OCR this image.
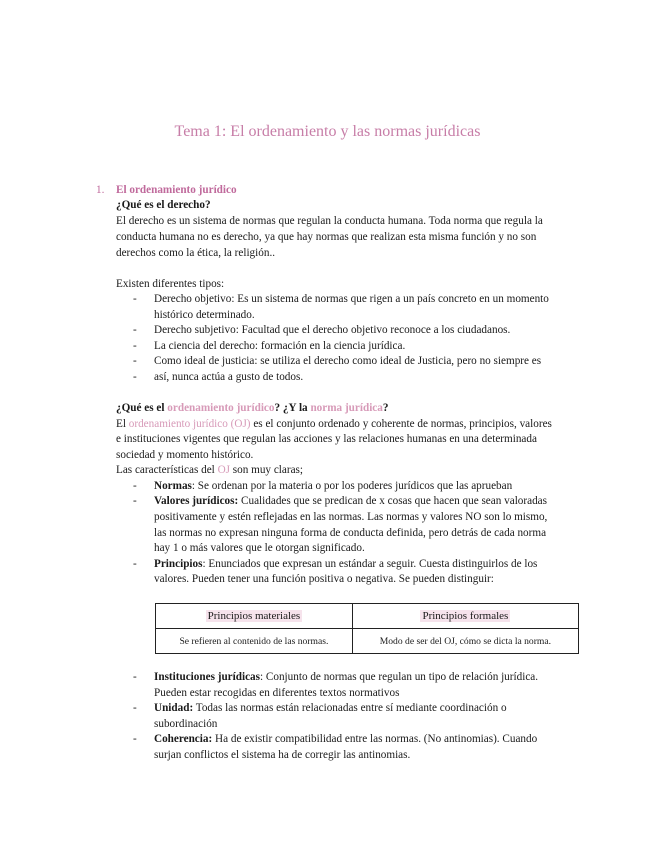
Tema 1: El ordenamiento y las normas jurídicas
1. El ordenamiento jurídico
¿Qué es el derecho?
El derecho es un sistema de normas que regulan la conducta humana. Toda norma que regula la
conducta humana no es derecho, ya que hay normas que realizan esta misma función y no son
derechos como la ética, la religión..
Existen diferentes tipos:
- Derecho objetivo: Es un sistema de normas que rigen a un país concreto en un momento
histórico determinado.
- Derecho subjetivo: Facultad que el derecho objetivo reconoce a los ciudadanos.
- La ciencia del derecho: formación en la ciencia jurídica.
- Como ideal de justicia: se utiliza el derecho como ideal de Justicia, pero no siempre es
- así, nunca actúa a gusto de todos.
¿Qué es el ordenamiento jurídico? ¿Y la norma jurídica?
El ordenamiento jurídico (OJ) es el conjunto ordenado y coherente de normas, principios, valores
e instituciones vigentes que regulan las acciones y las relaciones humanas en una determinada
sociedad y momento histórico.
Las características del OJ son muy claras;
- Normas: Se ordenan por la materia o por los poderes jurídicos que las aprueban
- Valores jurídicos: Cualidades que se predican de x cosas que hacen que sean valoradas
positivamente y estén reflejadas en las normas. Las normas y valores NO son lo mismo,
las normas no expresan ninguna forma de conducta definida, pero detrás de cada norma
hay 1 o más valores que le otorgan significado.
- Principios: Enunciados que expresan un estándar a seguir. Cuesta distinguirlos de los
valores. Pueden tener una función positiva o negativa. Se pueden distinguir:
Principios materiales	Principios formales
Se refieren al contenido de las normas.	Modo de ser del OJ, cómo se dicta la norma.
- Instituciones jurídicas: Conjunto de normas que regulan un tipo de relación jurídica.
Pueden estar recogidas en diferentes textos normativos
- Unidad: Todas las normas están relacionadas entre sí mediante coordinación o
subordinación
- Coherencia: Ha de existir compatibilidad entre las normas. (No antinomias). Cuando
surjan conflictos el sistema ha de corregir las antinomias.
